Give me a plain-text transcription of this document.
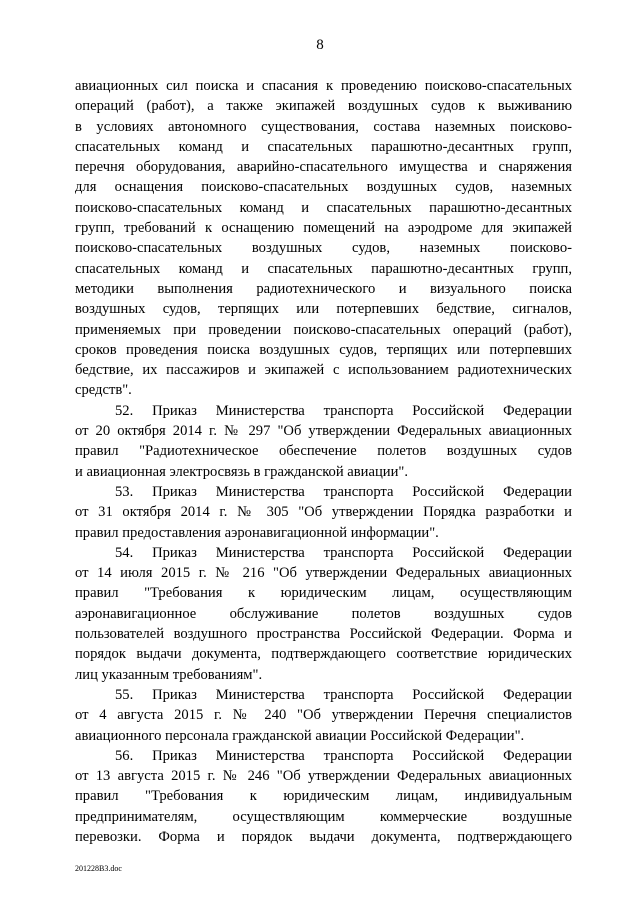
8
авиационных сил поиска и спасания к проведению поисково-спасательных
операций (работ), а также экипажей воздушных судов к выживанию
в условиях автономного существования, состава наземных поисково-
спасательных команд и спасательных парашютно-десантных групп,
перечня оборудования, аварийно-спасательного имущества и снаряжения
для оснащения поисково-спасательных воздушных судов, наземных
поисково-спасательных команд и спасательных парашютно-десантных
групп, требований к оснащению помещений на аэродроме для экипажей
поисково-спасательных воздушных судов, наземных поисково-
спасательных команд и спасательных парашютно-десантных групп,
методики выполнения радиотехнического и визуального поиска
воздушных судов, терпящих или потерпевших бедствие, сигналов,
применяемых при проведении поисково-спасательных операций (работ),
сроков проведения поиска воздушных судов, терпящих или потерпевших
бедствие, их пассажиров и экипажей с использованием радиотехнических
средств".
52. Приказ Министерства транспорта Российской Федерации
от 20 октября 2014 г. № 297 "Об утверждении Федеральных авиационных
правил "Радиотехническое обеспечение полетов воздушных судов
и авиационная электросвязь в гражданской авиации".
53. Приказ Министерства транспорта Российской Федерации
от 31 октября 2014 г. № 305 "Об утверждении Порядка разработки и
правил предоставления аэронавигационной информации".
54. Приказ Министерства транспорта Российской Федерации
от 14 июля 2015 г. № 216 "Об утверждении Федеральных авиационных
правил "Требования к юридическим лицам, осуществляющим
аэронавигационное обслуживание полетов воздушных судов
пользователей воздушного пространства Российской Федерации. Форма и
порядок выдачи документа, подтверждающего соответствие юридических
лиц указанным требованиям".
55. Приказ Министерства транспорта Российской Федерации
от 4 августа 2015 г. № 240 "Об утверждении Перечня специалистов
авиационного персонала гражданской авиации Российской Федерации".
56. Приказ Министерства транспорта Российской Федерации
от 13 августа 2015 г. № 246 "Об утверждении Федеральных авиационных
правил "Требования к юридическим лицам, индивидуальным
предпринимателям, осуществляющим коммерческие воздушные
перевозки. Форма и порядок выдачи документа, подтверждающего
201228B3.doc
